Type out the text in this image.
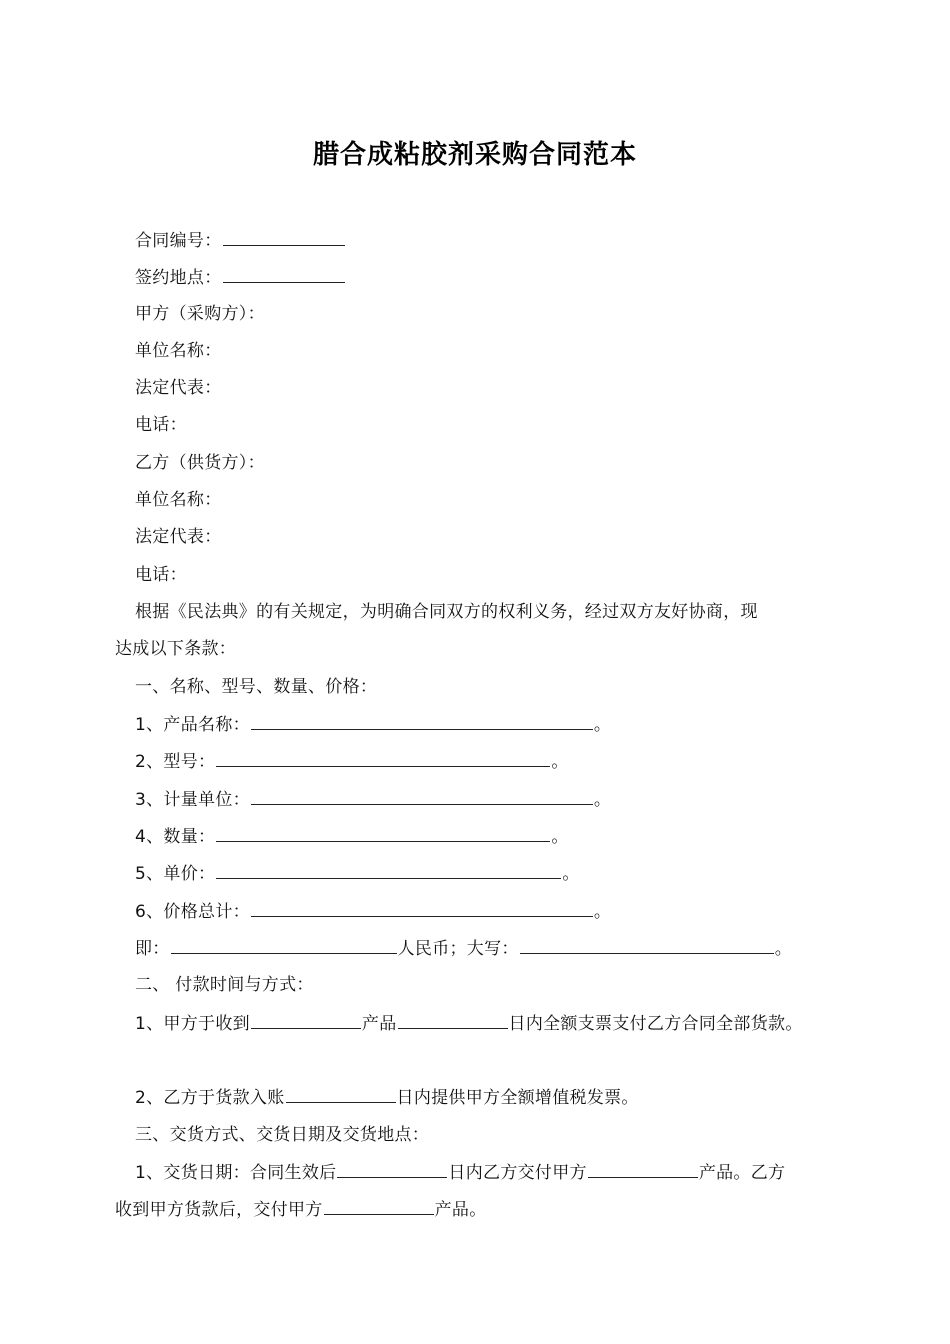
腊合成粘胶剂采购合同范本
合同编号：
签约地点：
甲方（采购方）：
单位名称：
法定代表：
电话：
乙方（供货方）：
单位名称：
法定代表：
电话：
根据《民法典》的有关规定，为明确合同双方的权利义务，经过双方友好协商，现
达成以下条款：
一、名称、型号、数量、价格：
1、产品名称：	。
2、型号：	。
3、计量单位：	。
4、数量：	。
5、单价：	。
6、价格总计：	。
即：	人民币；大写：	。
二、 付款时间与方式：
1、甲方于收到	产品	日内全额支票支付乙方合同全部货款。
2、乙方于货款入账	日内提供甲方全额增值税发票。
三、交货方式、交货日期及交货地点：
1、交货日期：合同生效后	日内乙方交付甲方	产品。乙方
收到甲方货款后，交付甲方	产品。
